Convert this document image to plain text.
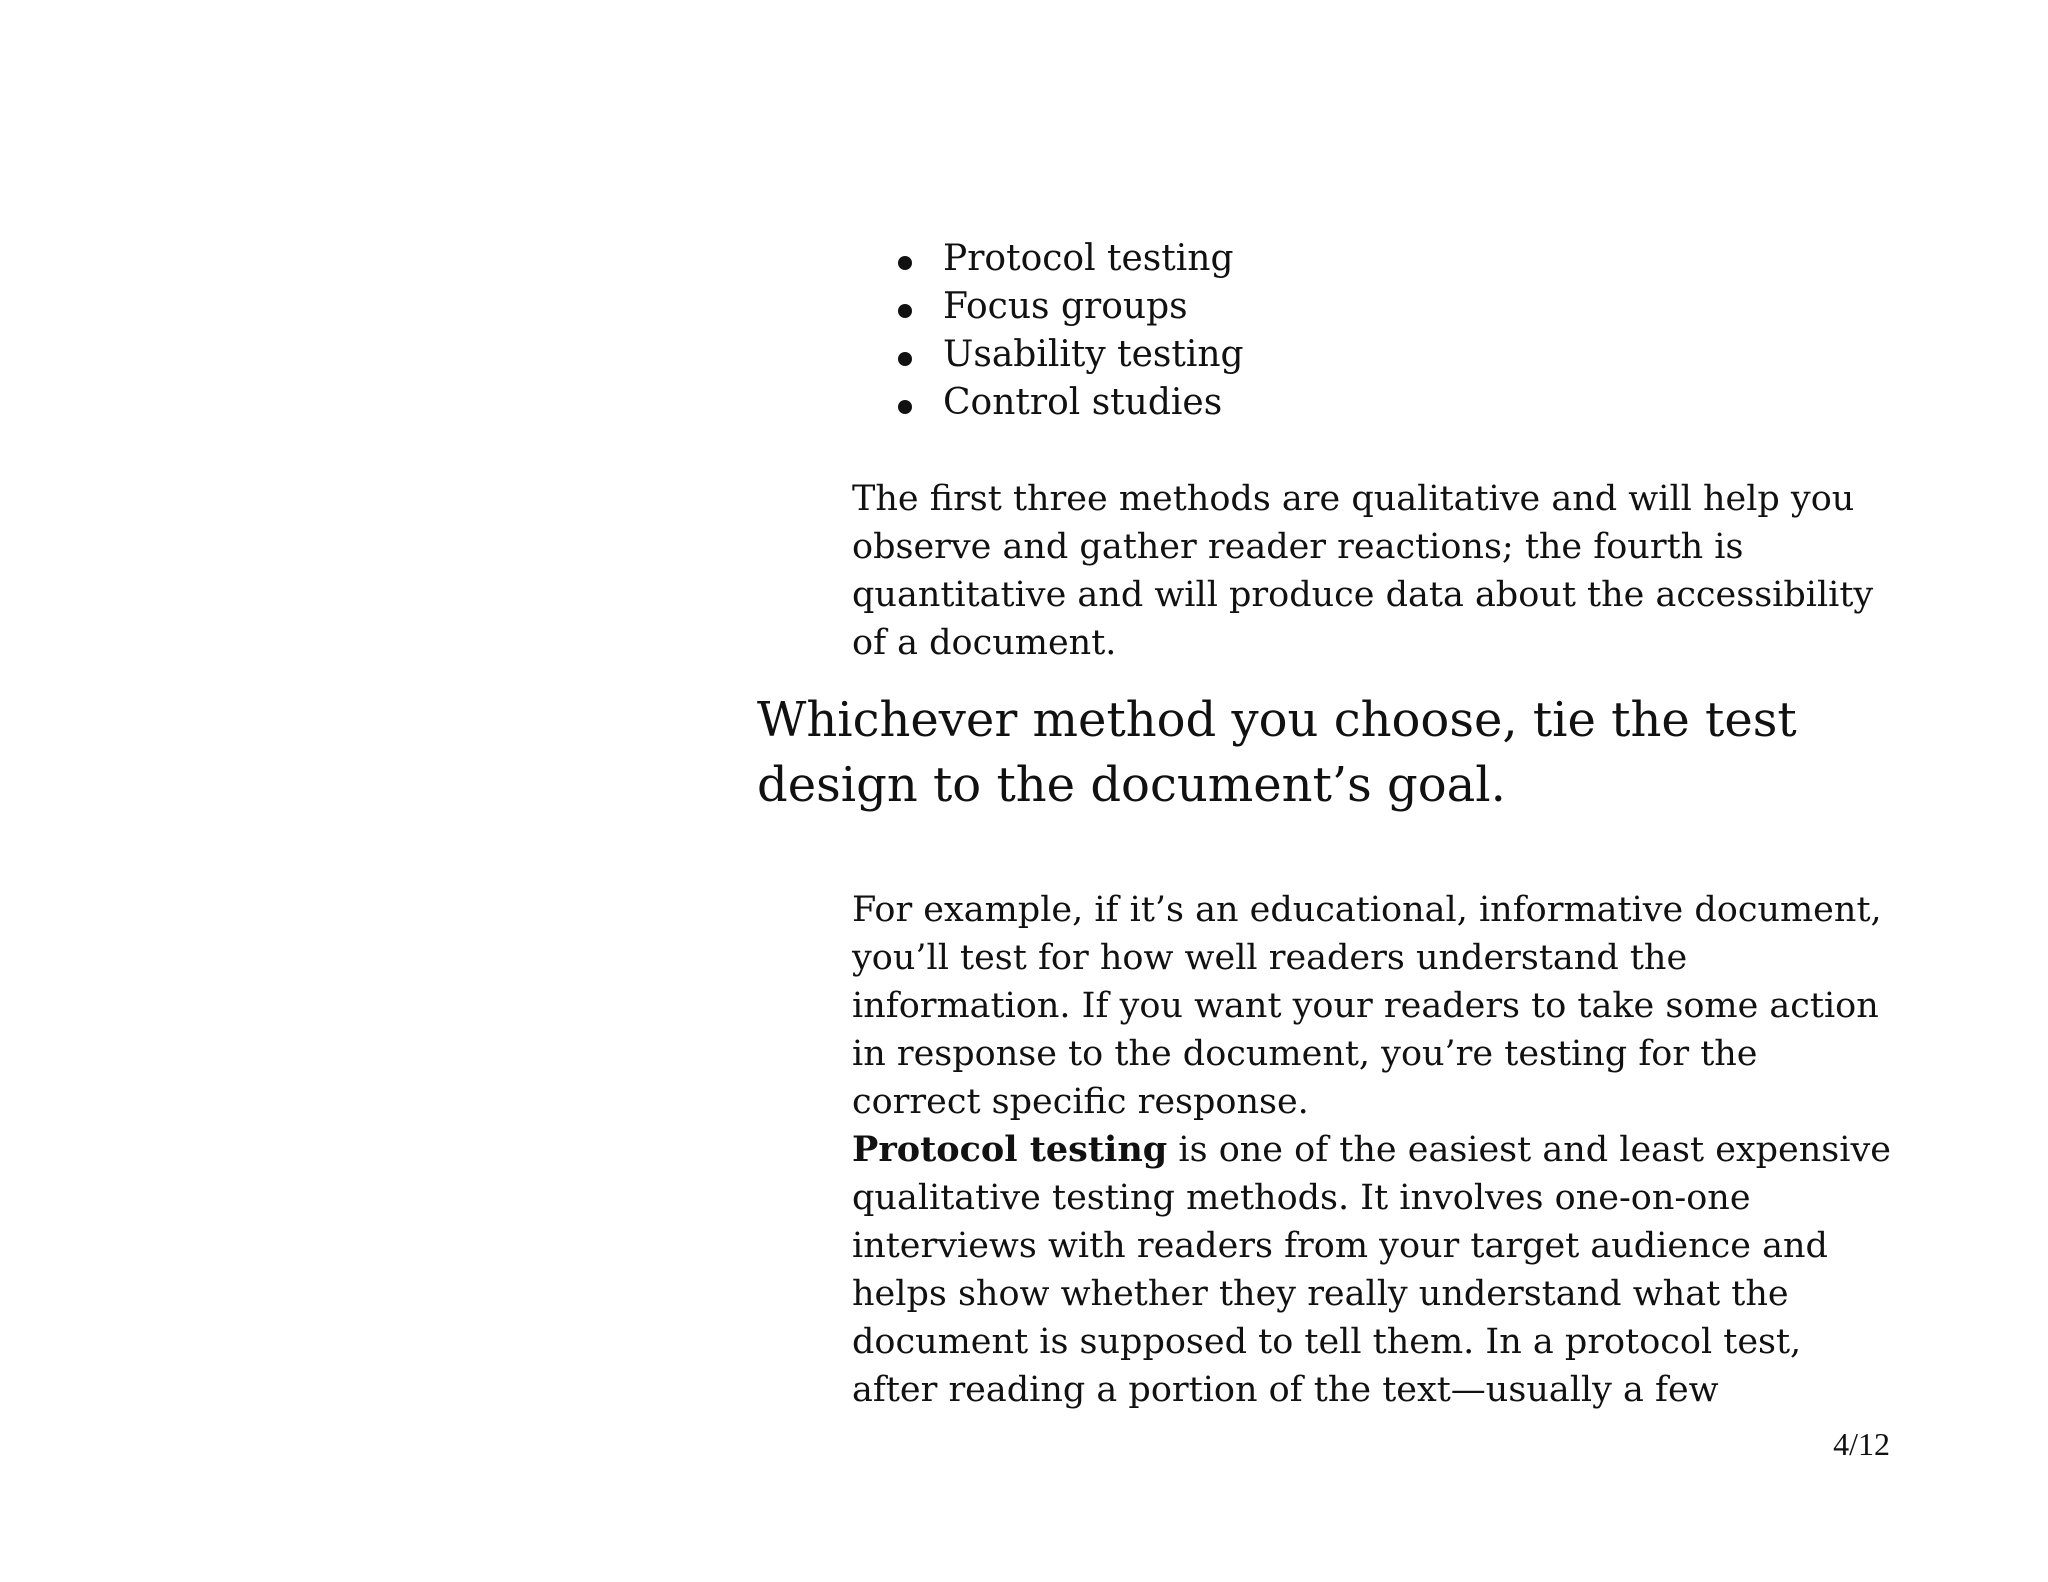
Protocol testing
Focus groups
Usability testing
Control studies

The first three methods are qualitative and will help you observe and gather reader reactions; the fourth is quantitative and will produce data about the accessibility of a document.

Whichever method you choose, tie the test design to the document’s goal.

For example, if it’s an educational, informative document, you’ll test for how well readers understand the information. If you want your readers to take some action in response to the document, you’re testing for the correct specific response.

Protocol testing is one of the easiest and least expensive qualitative testing methods. It involves one-on-one interviews with readers from your target audience and helps show whether they really understand what the document is supposed to tell them. In a protocol test, after reading a portion of the text—usually a few

4/12
